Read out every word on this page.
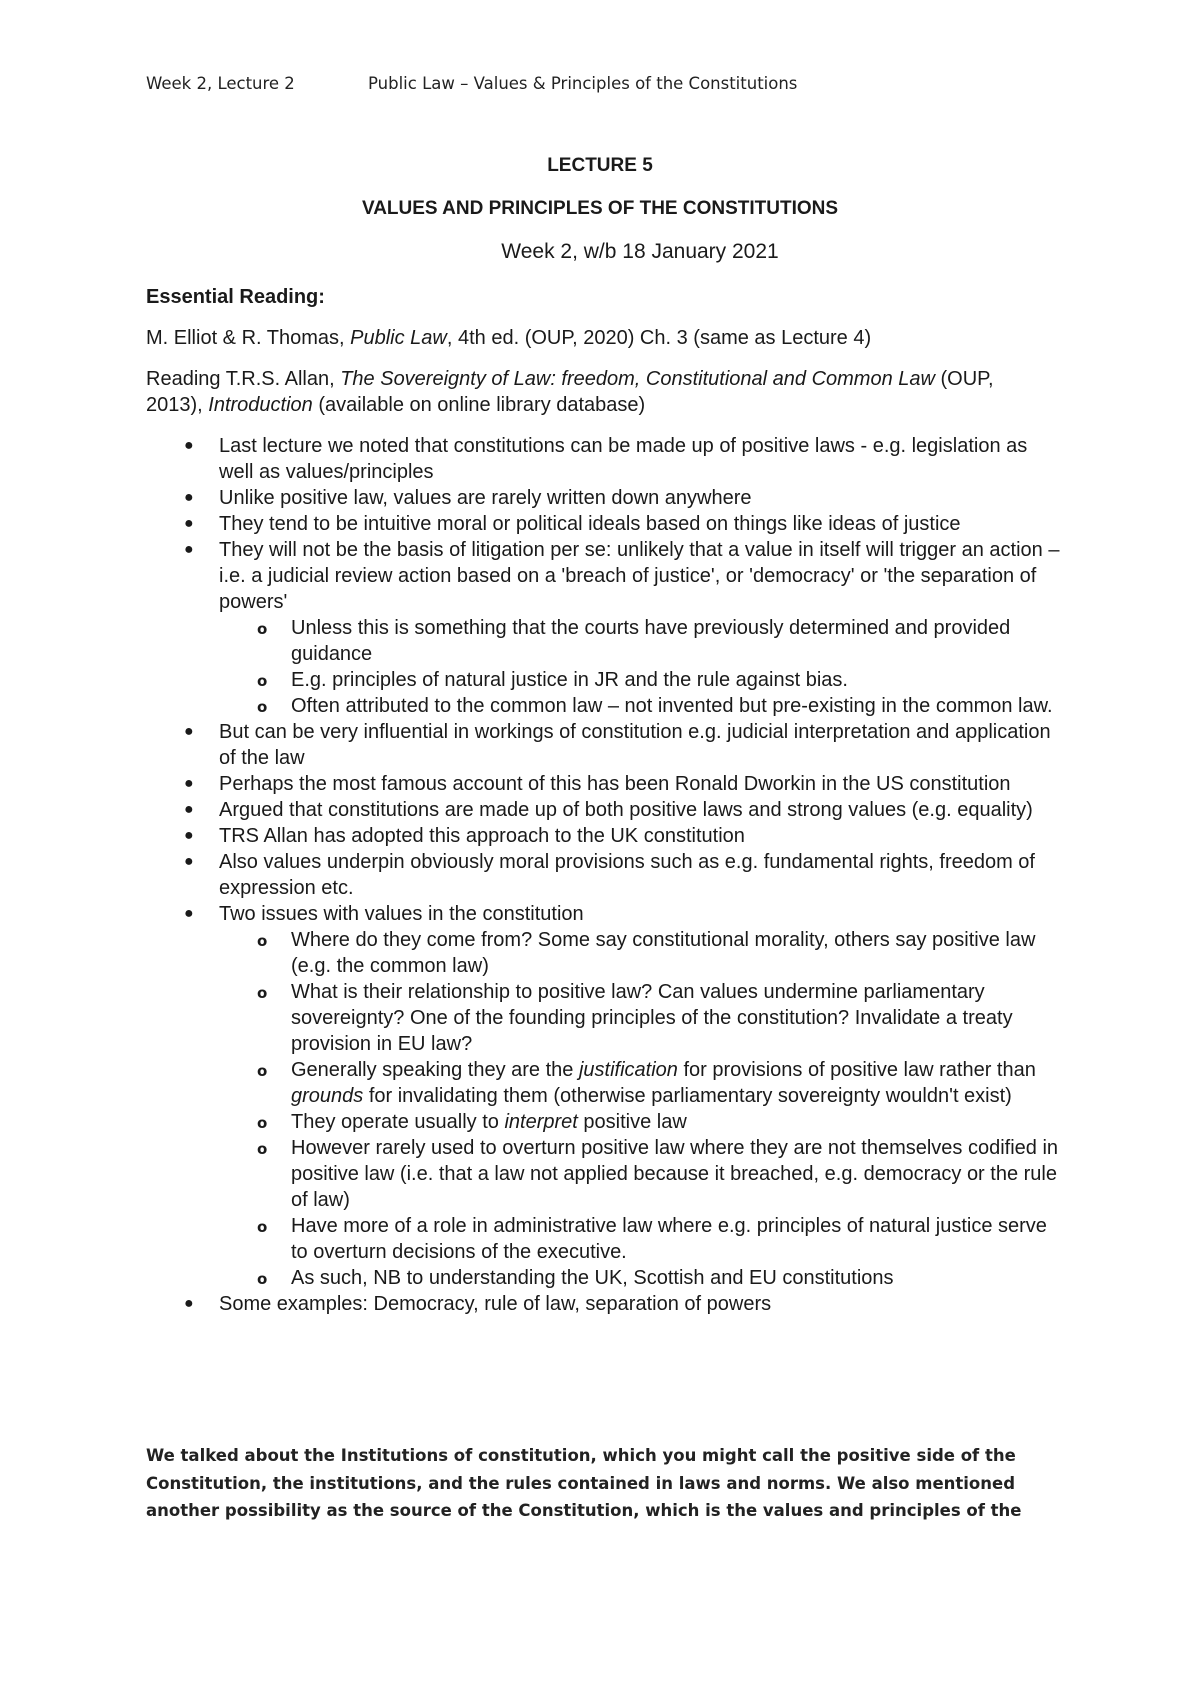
Week 2, Lecture 2	Public Law – Values & Principles of the Constitutions
LECTURE 5
VALUES AND PRINCIPLES OF THE CONSTITUTIONS
Week 2, w/b 18 January 2021
Essential Reading:
M. Elliot & R. Thomas, Public Law, 4th ed. (OUP, 2020) Ch. 3 (same as Lecture 4)
Reading T.R.S. Allan, The Sovereignty of Law: freedom, Constitutional and Common Law (OUP, 2013), Introduction (available on online library database)
● Last lecture we noted that constitutions can be made up of positive laws - e.g. legislation as well as values/principles
● Unlike positive law, values are rarely written down anywhere
● They tend to be intuitive moral or political ideals based on things like ideas of justice
● They will not be the basis of litigation per se: unlikely that a value in itself will trigger an action – i.e. a judicial review action based on a 'breach of justice', or 'democracy' or 'the separation of powers'
o Unless this is something that the courts have previously determined and provided guidance
o E.g. principles of natural justice in JR and the rule against bias.
o Often attributed to the common law – not invented but pre-existing in the common law.
● But can be very influential in workings of constitution e.g. judicial interpretation and application of the law
● Perhaps the most famous account of this has been Ronald Dworkin in the US constitution
● Argued that constitutions are made up of both positive laws and strong values (e.g. equality)
● TRS Allan has adopted this approach to the UK constitution
● Also values underpin obviously moral provisions such as e.g. fundamental rights, freedom of expression etc.
● Two issues with values in the constitution
o Where do they come from? Some say constitutional morality, others say positive law (e.g. the common law)
o What is their relationship to positive law? Can values undermine parliamentary sovereignty? One of the founding principles of the constitution? Invalidate a treaty provision in EU law?
o Generally speaking they are the justification for provisions of positive law rather than grounds for invalidating them (otherwise parliamentary sovereignty wouldn't exist)
o They operate usually to interpret positive law
o However rarely used to overturn positive law where they are not themselves codified in positive law (i.e. that a law not applied because it breached, e.g. democracy or the rule of law)
o Have more of a role in administrative law where e.g. principles of natural justice serve to overturn decisions of the executive.
o As such, NB to understanding the UK, Scottish and EU constitutions
● Some examples: Democracy, rule of law, separation of powers
We talked about the Institutions of constitution, which you might call the positive side of the Constitution, the institutions, and the rules contained in laws and norms. We also mentioned another possibility as the source of the Constitution, which is the values and principles of the
